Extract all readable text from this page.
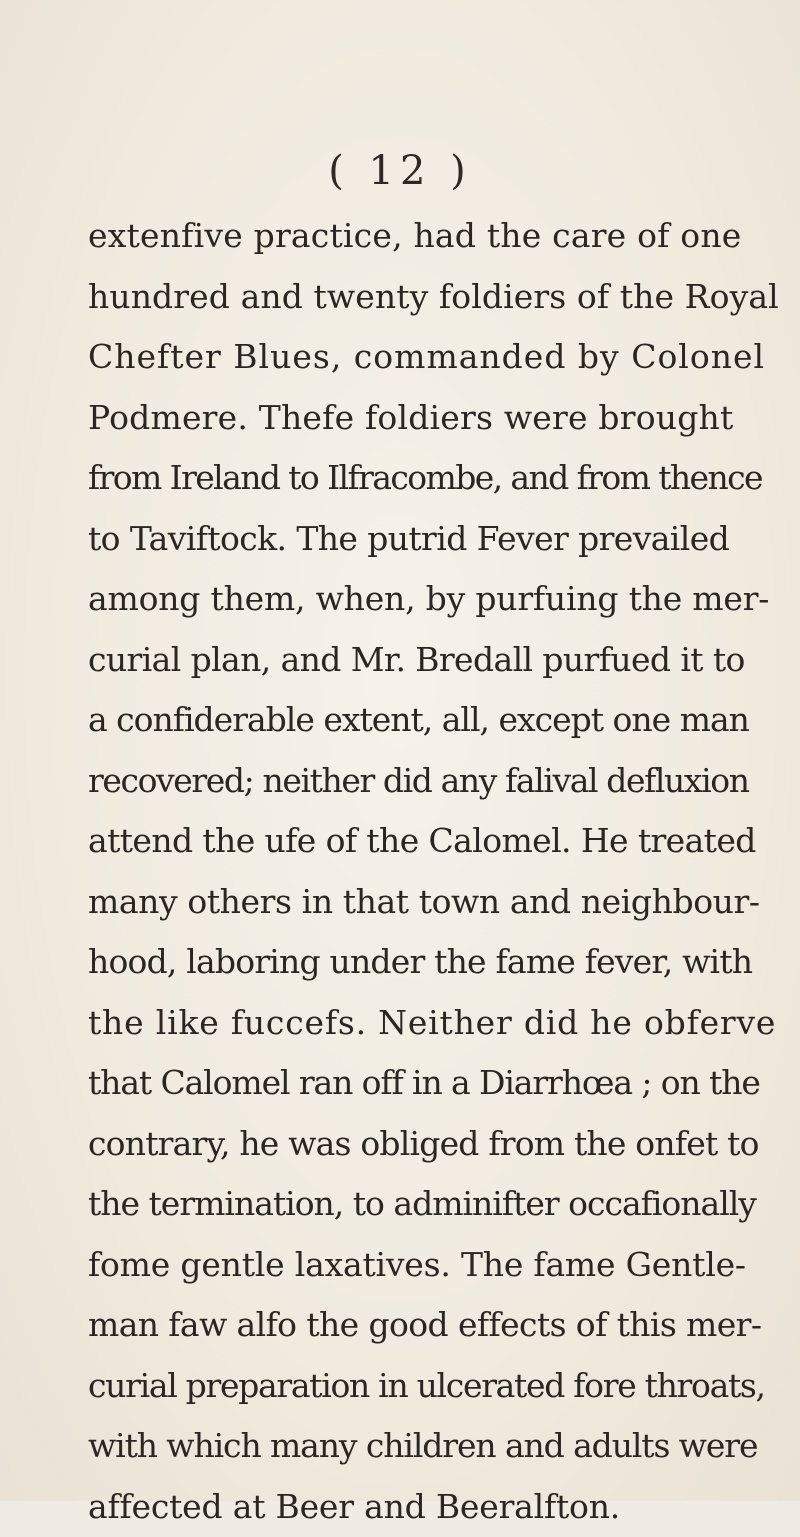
( 12 )
extenfive practice, had the care of one
hundred and twenty foldiers of the Royal
Chefter Blues, commanded by Colonel
Podmere. Thefe foldiers were brought
from Ireland to Ilfracombe, and from thence
to Taviftock. The putrid Fever prevailed
among them, when, by purfuing the mer-
curial plan, and Mr. Bredall purfued it to
a confiderable extent, all, except one man
recovered; neither did any falival defluxion
attend the ufe of the Calomel. He treated
many others in that town and neighbour-
hood, laboring under the fame fever, with
the like fuccefs. Neither did he obferve
that Calomel ran off in a Diarrhœa ; on the
contrary, he was obliged from the onfet to
the termination, to adminifter occafionally
fome gentle laxatives. The fame Gentle-
man faw alfo the good effects of this mer-
curial preparation in ulcerated fore throats,
with which many children and adults were
affected at Beer and Beeralfton.
